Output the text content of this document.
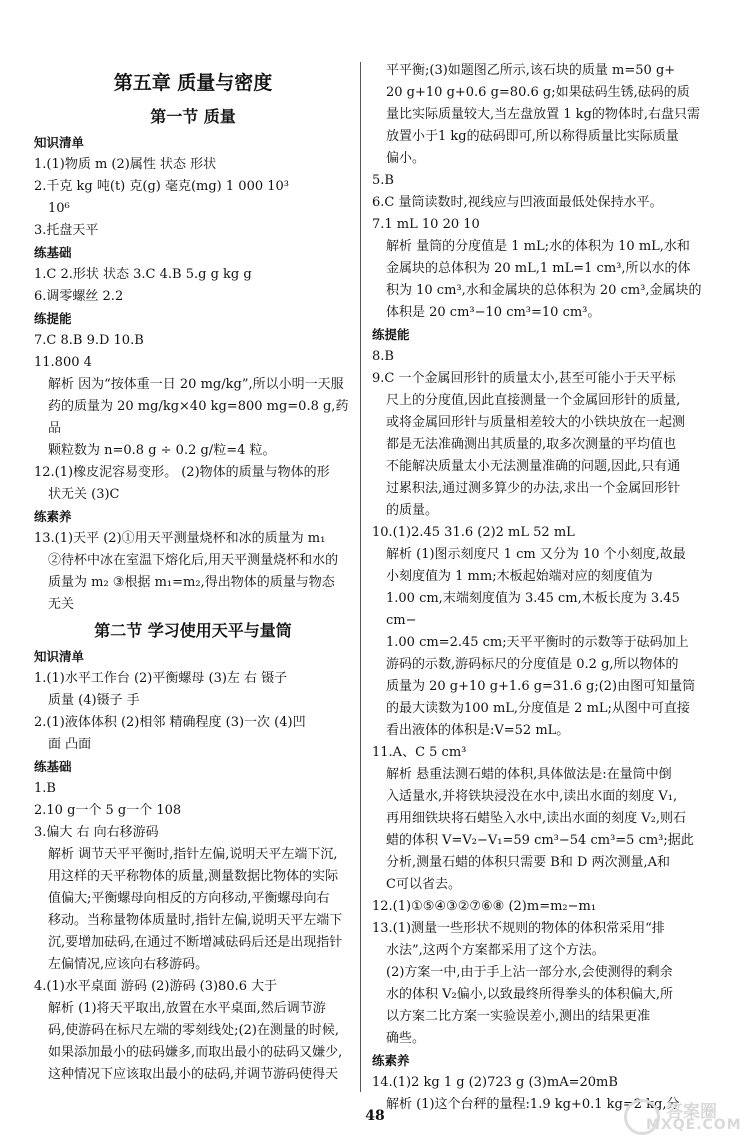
第五章 质量与密度
第一节 质量
知识清单
1.(1)物质 m (2)属性 状态 形状
2.千克 kg 吨(t) 克(g) 毫克(mg) 1 000 10³
10⁶
3.托盘天平
练基础
1.C 2.形状 状态 3.C 4.B 5.g g kg g
6.调零螺丝 2.2
练提能
7.C 8.B 9.D 10.B
11.800 4
解析 因为“按体重一日 20 mg/kg”,所以小明一天服
药的质量为 20 mg/kg×40 kg=800 mg=0.8 g,药品
颗粒数为 n=0.8 g ÷ 0.2 g/粒=4 粒。
12.(1)橡皮泥容易变形。 (2)物体的质量与物体的形
状无关 (3)C
练素养
13.(1)天平 (2)①用天平测量烧杯和冰的质量为 m₁
②待杯中冰在室温下熔化后,用天平测量烧杯和水的
质量为 m₂ ③根据 m₁=m₂,得出物体的质量与物态
无关
第二节 学习使用天平与量筒
知识清单
1.(1)水平工作台 (2)平衡螺母 (3)左 右 镊子
质量 (4)镊子 手
2.(1)液体体积 (2)相邻 精确程度 (3)一次 (4)凹
面 凸面
练基础
1.B
2.10 g一个 5 g一个 108
3.偏大 右 向右移游码
解析 调节天平平衡时,指针左偏,说明天平左端下沉,
用这样的天平称物体的质量,测量数据比物体的实际
值偏大;平衡螺母向相反的方向移动,平衡螺母向右
移动。当称量物体质量时,指针左偏,说明天平左端下
沉,要增加砝码,在通过不断增减砝码后还是出现指针
左偏情况,应该向右移游码。
4.(1)水平桌面 游码 (2)游码 (3)80.6 大于
解析 (1)将天平取出,放置在水平桌面,然后调节游
码,使游码在标尺左端的零刻线处;(2)在测量的时候,
如果添加最小的砝码嫌多,而取出最小的砝码又嫌少,
这种情况下应该取出最小的砝码,并调节游码使得天
平平衡;(3)如题图乙所示,该石块的质量 m=50 g+
20 g+10 g+0.6 g=80.6 g;如果砝码生锈,砝码的质
量比实际质量较大,当左盘放置 1 kg的物体时,右盘只需
放置小于1 kg的砝码即可,所以称得质量比实际质量
偏小。
5.B
6.C 量筒读数时,视线应与凹液面最低处保持水平。
7.1 mL 10 20 10
解析 量筒的分度值是 1 mL;水的体积为 10 mL,水和
金属块的总体积为 20 mL,1 mL=1 cm³,所以水的体
积为 10 cm³,水和金属块的总体积为 20 cm³,金属块的
体积是 20 cm³−10 cm³=10 cm³。
练提能
8.B
9.C 一个金属回形针的质量太小,甚至可能小于天平标
尺上的分度值,因此直接测量一个金属回形针的质量,
或将金属回形针与质量相差较大的小铁块放在一起测
都是无法准确测出其质量的,取多次测量的平均值也
不能解决质量太小无法测量准确的问题,因此,只有通
过累积法,通过测多算少的办法,求出一个金属回形针
的质量。
10.(1)2.45 31.6 (2)2 mL 52 mL
解析 (1)图示刻度尺 1 cm 又分为 10 个小刻度,故最
小刻度值为 1 mm;木板起始端对应的刻度值为
1.00 cm,末端刻度值为 3.45 cm,木板长度为 3.45 cm−
1.00 cm=2.45 cm;天平平衡时的示数等于砝码加上
游码的示数,游码标尺的分度值是 0.2 g,所以物体的
质量为 20 g+10 g+1.6 g=31.6 g;(2)由图可知量筒
的最大读数为100 mL,分度值是 2 mL;从图中可直接
看出液体的体积是:V=52 mL。
11.A、C 5 cm³
解析 悬重法测石蜡的体积,具体做法是:在量筒中倒
入适量水,并将铁块浸没在水中,读出水面的刻度 V₁,
再用细铁块将石蜡坠入水中,读出水面的刻度 V₂,则石
蜡的体积 V=V₂−V₁=59 cm³−54 cm³=5 cm³;据此
分析,测量石蜡的体积只需要 B和 D 两次测量,A和
C可以省去。
12.(1)①⑤④③②⑦⑥⑧ (2)m=m₂−m₁
13.(1)测量一些形状不规则的物体的体积常采用“排
水法”,这两个方案都采用了这个方法。
(2)方案一中,由于手上沾一部分水,会使测得的剩余
水的体积 V₂偏小,以致最终所得拳头的体积偏大,所
以方案二比方案一实验误差小,测出的结果更准
确些。
练素养
14.(1)2 kg 1 g (2)723 g (3)mA=20mB
解析 (1)这个台秤的量程:1.9 kg+0.1 kg=2 kg,分
48	答案圈
MXQE.COM
